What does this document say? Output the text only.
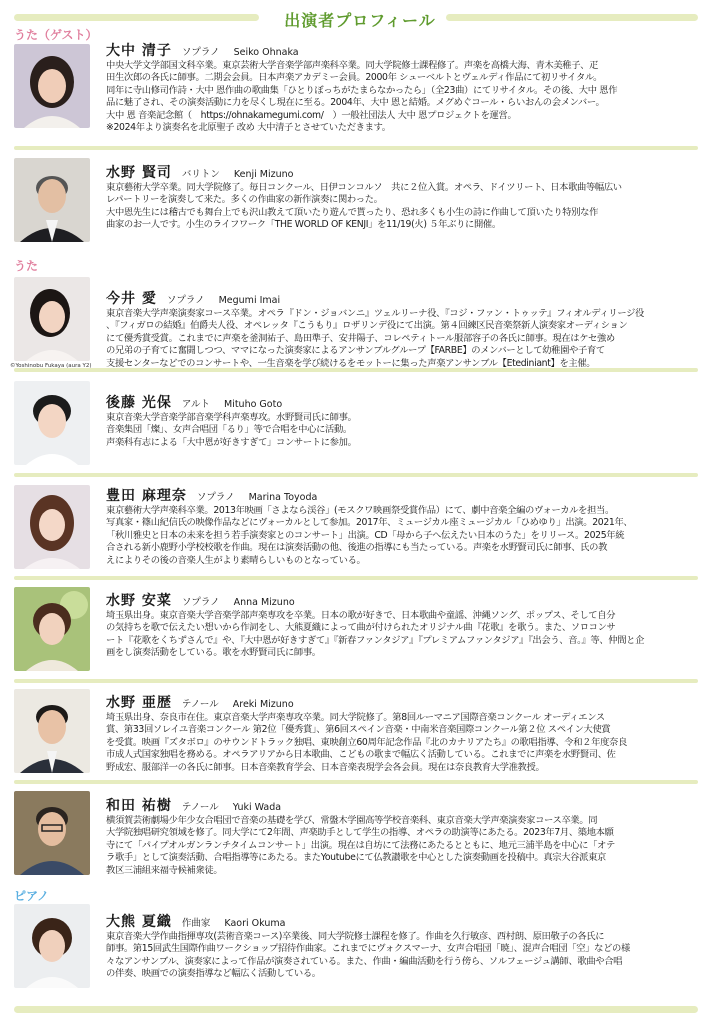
出演者プロフィール
うた（ゲスト）
うた
ピアノ
大中 清子 ソプラノ Seiko Ohnaka
中央大学文学部国文科卒業。東京芸術大学音楽学部声楽科卒業。同大学院修士課程修了。声楽を高橋大海、青木美稚子、疋
田生次郎の各氏に師事。二期会会員。日本声楽アカデミー会員。2000年 シューベルトとヴェルディ作品にて初リサイタル。
同年に寺山修司作詩・大中 恩作曲の歌曲集「ひとりぼっちがたまらなかったら」（全23曲）にてリサイタル。その後、大中 恩作
品に魅了され、その演奏活動に力を尽くし現在に至る。2004年、大中 恩と結婚。メグめぐコール・らいおんの会メンバー。
大中 恩 音楽記念館（　https://ohnakamegumi.com/　）一般社団法人 大中 恩プロジェクトを運営。
※2024年より演奏名を北原聖子 改め 大中清子とさせていただきます。
水野 賢司 バリトン Kenji Mizuno
東京藝術大学卒業。同大学院修了。毎日コンクール、日伊コンコルソ　共に２位入賞。オペラ、ドイツリート、日本歌曲等幅広い
レパートリーを演奏して来た。多くの作曲家の新作演奏に関わった。
大中恩先生には稽古でも舞台上でも沢山教えて頂いたり遊んで貰ったり、恐れ多くも小生の詩に作曲して頂いたり特別な作
曲家のお一人です。小生のライフワーク「THE WORLD OF KENJI」を11/19(火) ５年ぶりに開催。
©Yoshinobu Fukaya (aura Y2)
今井 愛 ソプラノ Megumi Imai
東京音楽大学声楽演奏家コース卒業。オペラ『ドン・ジョバンニ』ツェルリーナ役、『コジ・ファン・トゥッテ』フィオルディリージ役
、『フィガロの結婚』伯爵夫人役、オペレッタ『こうもり』ロザリンデ役にて出演。第４回練区民音楽祭新人演奏家オーディション
にて優秀賞受賞。これまでに声楽を釜洞祐子、島田準子、安井陽子、コレペティトール服部容子の各氏に師事。現在はケセ強め
の兄弟の子育てに奮闘しつつ、ママになった演奏家によるアンサンブルグループ【FARBE】のメンバーとして幼稚園や子育て
支援センターなどでのコンサートや、一生音楽を学び続けるをモットーに集った声楽アンサンブル【Etediniant】を主催。
後藤 光保 アルト Mituho Goto
東京音楽大学音楽学部音楽学科声楽専攻。水野賢司氏に師事。
音楽集団「燦」、女声合唱団「るり」等で合唱を中心に活動。
声楽科有志による「大中恩が好きすぎて」コンサートに参加。
豊田 麻理奈 ソプラノ Marina Toyoda
東京藝術大学声楽科卒業。2013年映画「さよなら渓谷」(モスクワ映画祭受賞作品）にて、劇中音楽全編のヴォーカルを担当。
写真家・篠山紀信氏の映像作品などにヴォーカルとして参加。2017年、ミュージカル座ミュージカル「ひめゆり」出演。2021年、
「秋川雅史と日本の未来を担う若手演奏家とのコンサート」出演。CD「母から子へ伝えたい日本のうた」をリリース。2025年統
合される新小鹿野小学校校歌を作曲。現在は演奏活動の他、後進の指導にも当たっている。声楽を水野賢司氏に師事、氏の教
えによりその後の音楽人生がより素晴らしいものとなっている。
水野 安菜 ソプラノ Anna Mizuno
埼玉県出身。東京音楽大学音楽学部声楽専攻を卒業。日本の歌が好きで、日本歌曲や童謡、沖縄ソング、ポップス、そして自分
の気持ちを歌で伝えたい想いから作詞をし、大熊夏織によって曲が付けられたオリジナル曲『花歌』を歌う。また、ソロコンサ
ート『花歌をくちずさんで』や、『大中恩が好きすぎて』『新春ファンタジア』『プレミアムファンタジア』『出会う、音。』等、仲間と企
画をし演奏活動をしている。歌を水野賢司氏に師事。
水野 亜歴 テノール Areki Mizuno
埼玉県出身、奈良市在住。東京音楽大学声楽専攻卒業。同大学院修了。第8回ルーマニア国際音楽コンクール オーディエンス
賞、第33回ソレイユ音楽コンクール 第2位「優秀賞」、第6回スペイン音楽・中南米音楽国際コンクール第２位 スペイン大使賞
を受賞。映画『ズタボロ』のサウンドトラック独唱、東映創立60周年記念作品『北のカナリアたち』の歌唱指導、令和２年度奈良
市成人式国家独唱を務める。オペラアリアから日本歌曲、こどもの歌まで幅広く活動している。これまでに声楽を水野賢司、佐
野成宏、服部洋一の各氏に師事。日本音楽教育学会、日本音楽表現学会各会員。現在は奈良教育大学准教授。
和田 祐樹 テノール Yuki Wada
横須賀芸術劇場少年少女合唱団で音楽の基礎を学び、常盤木学園高等学校音楽科、東京音楽大学声楽演奏家コース卒業。同
大学院独唱研究領域を修了。同大学にて2年間、声楽助手として学生の指導、オペラの助演等にあたる。2023年7月、築地本願
寺にて「パイプオルガンランチタイムコンサート」出演。現在は自坊にて法務にあたるとともに、地元三浦半島を中心に「オテ
ラ歌手」として演奏活動、合唱指導等にあたる。またYoutubeにて仏教讃歌を中心とした演奏動画を投稿中。真宗大谷派東京
教区三浦組来福寺候補衆徒。
大熊 夏織 作曲家 Kaori Okuma
東京音楽大学作曲指揮専攻(芸術音楽コース)卒業後、同大学院修士課程を修了。作曲を久行敏彦、西村朗、原田敬子の各氏に
師事。第15回武生国際作曲ワークショップ招待作曲家。これまでにヴォクスマーナ、女声合唱団「暁」、混声合唱団「空」などの様
々なアンサンブル、演奏家によって作品が演奏されている。また、作曲・編曲活動を行う傍ら、ソルフェージュ講師、歌曲や合唱
の伴奏、映画での演奏指導など幅広く活動している。
